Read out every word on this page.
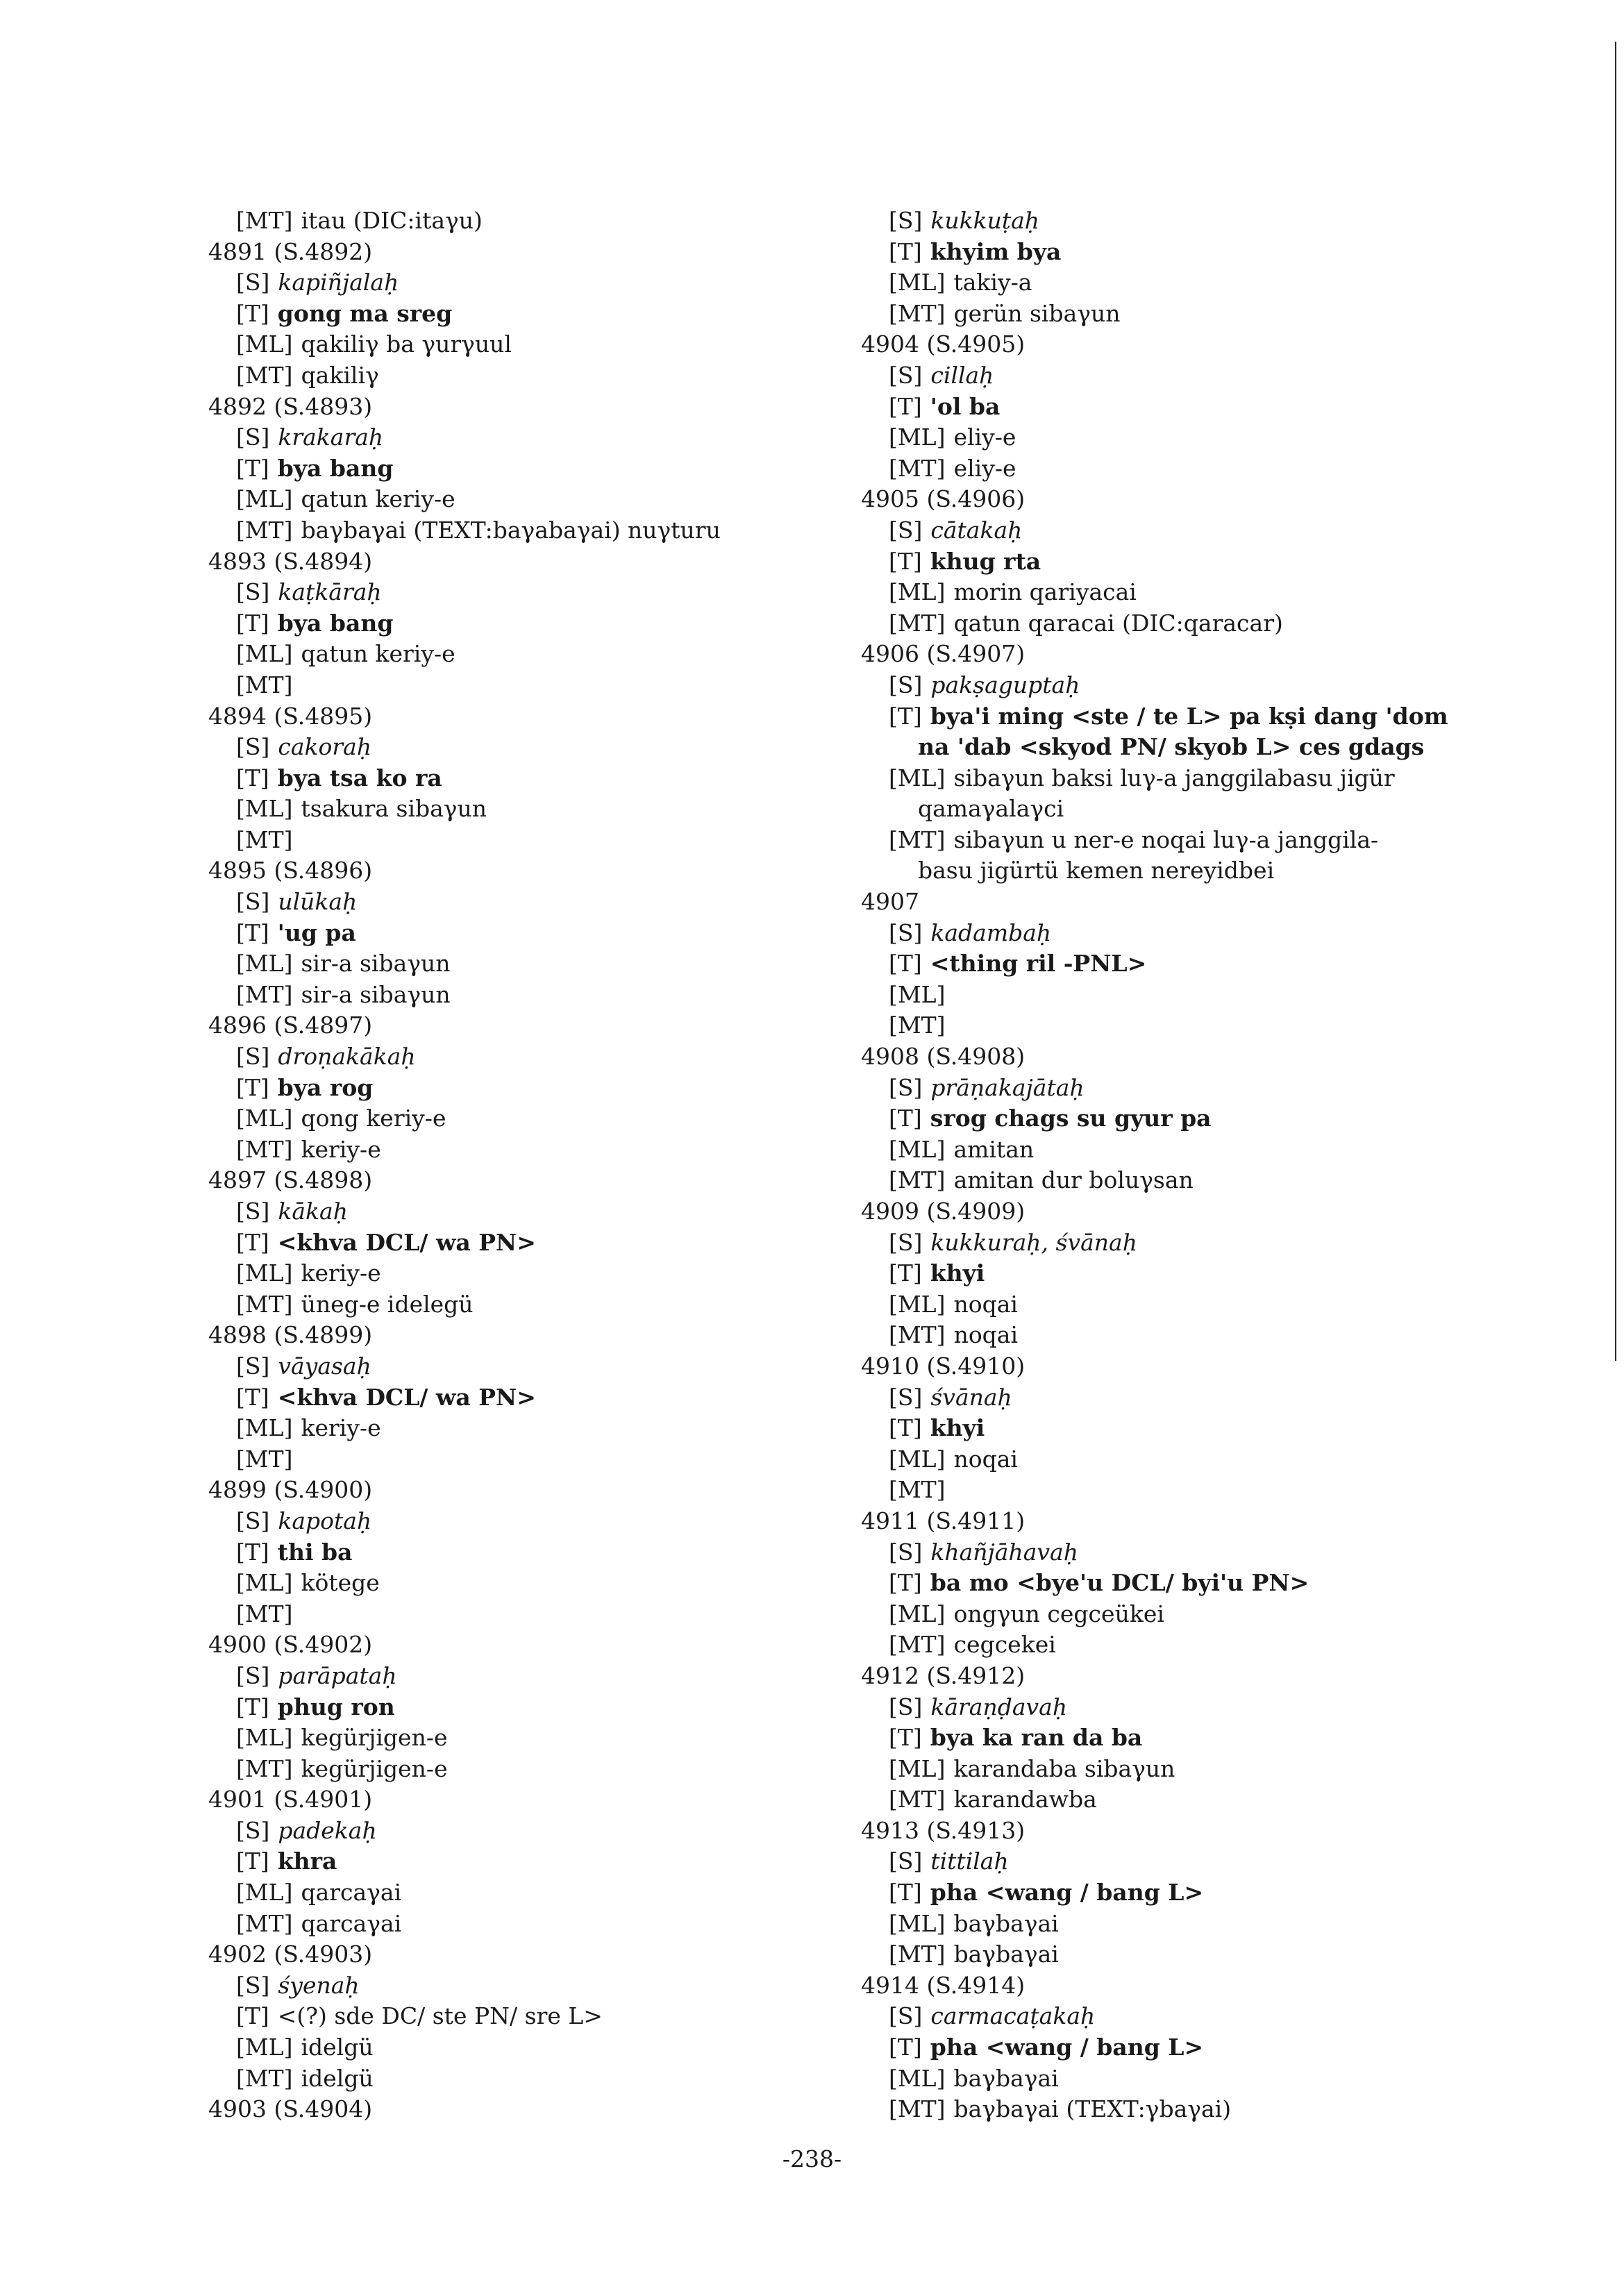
[MT] itau (DIC:itaγu)
4891 (S.4892)
[S] kapiñjalaḥ
[T] gong ma sreg
[ML] qakiliγ ba γurγuul
[MT] qakiliγ
4892 (S.4893)
[S] krakaraḥ
[T] bya bang
[ML] qatun keriy-e
[MT] baγbaγai (TEXT:baγabaγai) nuγturu
4893 (S.4894)
[S] kaṭkāraḥ
[T] bya bang
[ML] qatun keriy-e
[MT]
4894 (S.4895)
[S] cakoraḥ
[T] bya tsa ko ra
[ML] tsakura sibaγun
[MT]
4895 (S.4896)
[S] ulūkaḥ
[T] 'ug pa
[ML] sir-a sibaγun
[MT] sir-a sibaγun
4896 (S.4897)
[S] droṇakākaḥ
[T] bya rog
[ML] qong keriy-e
[MT] keriy-e
4897 (S.4898)
[S] kākaḥ
[T] <khva DCL/ wa PN>
[ML] keriy-e
[MT] üneg-e idelegü
4898 (S.4899)
[S] vāyasaḥ
[T] <khva DCL/ wa PN>
[ML] keriy-e
[MT]
4899 (S.4900)
[S] kapotaḥ
[T] thi ba
[ML] kötege
[MT]
4900 (S.4902)
[S] parāpataḥ
[T] phug ron
[ML] kegürjigen-e
[MT] kegürjigen-e
4901 (S.4901)
[S] padekaḥ
[T] khra
[ML] qarcaγai
[MT] qarcaγai
4902 (S.4903)
[S] śyenaḥ
[T] <(?) sde DC/ ste PN/ sre L>
[ML] idelgü
[MT] idelgü
4903 (S.4904)
[S] kukkuṭaḥ
[T] khyim bya
[ML] takiy-a
[MT] gerün sibaγun
4904 (S.4905)
[S] cillaḥ
[T] 'ol ba
[ML] eliy-e
[MT] eliy-e
4905 (S.4906)
[S] cātakaḥ
[T] khug rta
[ML] morin qariyacai
[MT] qatun qaracai (DIC:qaracar)
4906 (S.4907)
[S] pakṣaguptaḥ
[T] bya'i ming <ste / te L> pa kṣi dang 'dom
na 'dab <skyod PN/ skyob L> ces gdags
[ML] sibaγun baksi luγ-a janggilabasu jigür
qamaγalaγci
[MT] sibaγun u ner-e noqai luγ-a janggila-
basu jigürtü kemen nereyidbei
4907
[S] kadambaḥ
[T] <thing ril -PNL>
[ML]
[MT]
4908 (S.4908)
[S] prāṇakajātaḥ
[T] srog chags su gyur pa
[ML] amitan
[MT] amitan dur boluγsan
4909 (S.4909)
[S] kukkuraḥ, śvānaḥ
[T] khyi
[ML] noqai
[MT] noqai
4910 (S.4910)
[S] śvānaḥ
[T] khyi
[ML] noqai
[MT]
4911 (S.4911)
[S] khañjāhavaḥ
[T] ba mo <bye'u DCL/ byi'u PN>
[ML] ongγun cegceükei
[MT] cegcekei
4912 (S.4912)
[S] kāraṇḍavaḥ
[T] bya ka ran da ba
[ML] karandaba sibaγun
[MT] karandawba
4913 (S.4913)
[S] tittilaḥ
[T] pha <wang / bang L>
[ML] baγbaγai
[MT] baγbaγai
4914 (S.4914)
[S] carmacaṭakaḥ
[T] pha <wang / bang L>
[ML] baγbaγai
[MT] baγbaγai (TEXT:γbaγai)
-238-
